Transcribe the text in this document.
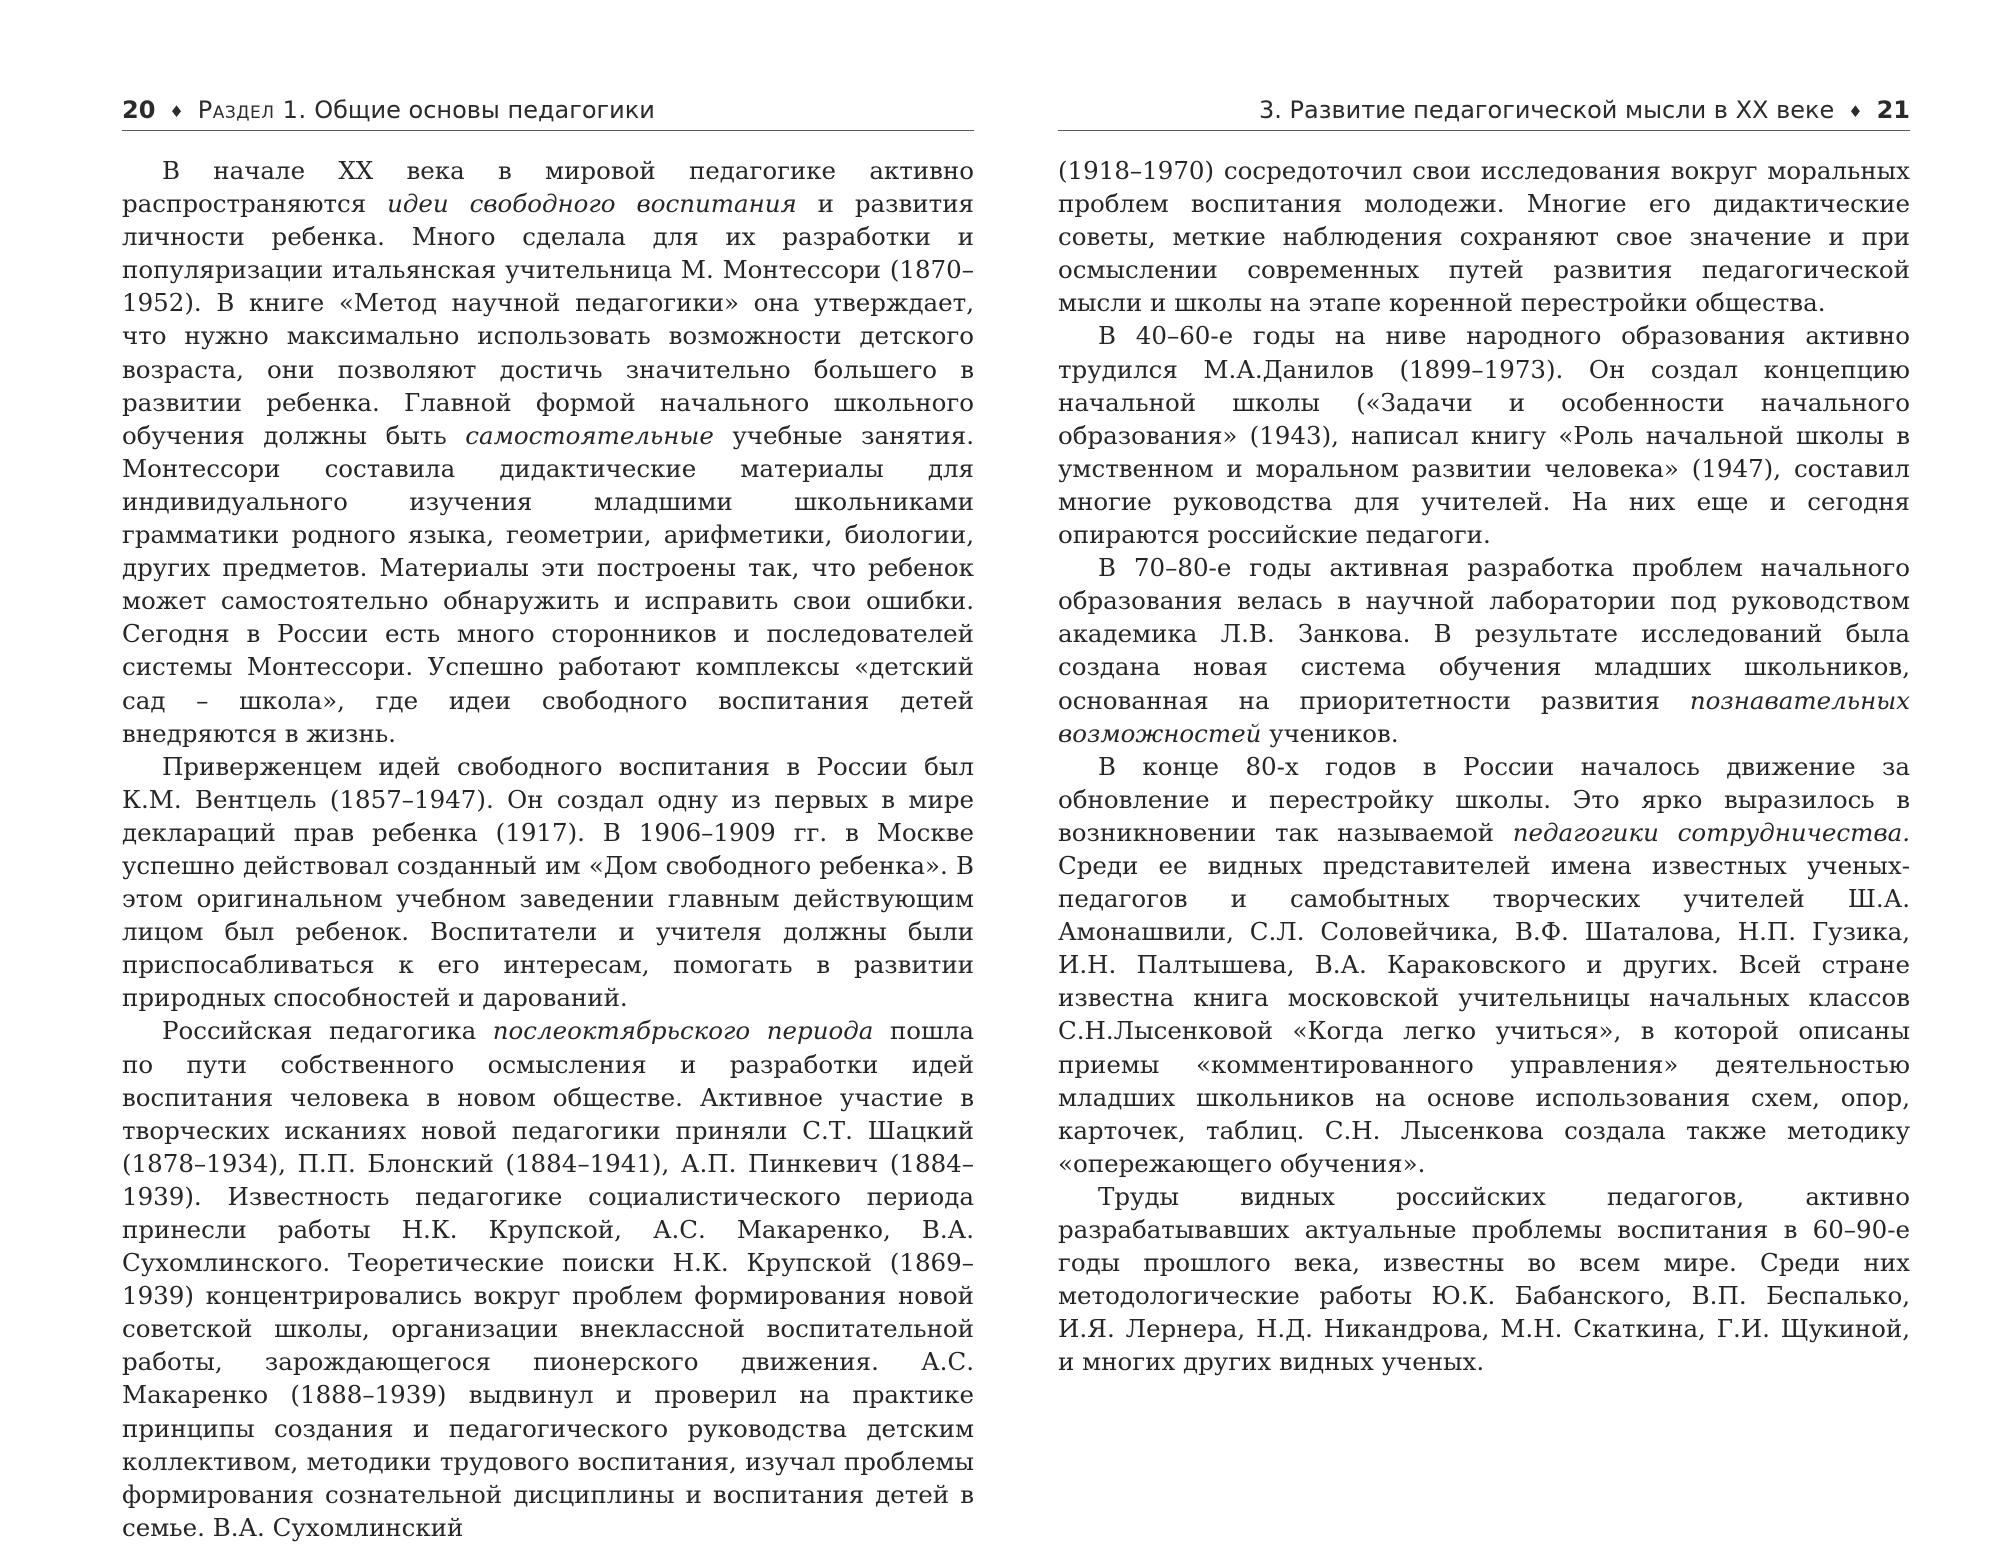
20 ♦ Раздел 1.
Общие основы педагогики

В начале XX века в мировой педагогике активно распространяются идеи свободного воспитания и развития личности ребенка. Много сделала для их разработки и популяризации итальянская учительница М. Монтессори (1870–1952). В книге «Метод научной педагогики» она утверждает, что нужно максимально использовать возможности детского возраста, они позволяют достичь значительно большего в развитии ребенка. Главной формой начального школьного обучения должны быть самостоятельные учебные занятия. Монтессори составила дидактические материалы для индивидуального изучения младшими школьниками грамматики родного языка, геометрии, арифметики, биологии, других предметов. Материалы эти построены так, что ребенок может самостоятельно обнаружить и исправить свои ошибки. Сегодня в России есть много сторонников и последователей системы Монтессори. Успешно работают комплексы «детский сад – школа», где идеи свободного воспитания детей внедряются в жизнь.

Приверженцем идей свободного воспитания в России был К.М. Вентцель (1857–1947). Он создал одну из первых в мире деклараций прав ребенка (1917). В 1906–1909 гг. в Москве успешно действовал созданный им «Дом свободного ребенка». В этом оригинальном учебном заведении главным действующим лицом был ребенок. Воспитатели и учителя должны были приспосабливаться к его интересам, помогать в развитии природных способностей и дарований.

Российская педагогика послеоктябрьского периода пошла по пути собственного осмысления и разработки идей воспитания человека в новом обществе. Активное участие в творческих исканиях новой педагогики приняли С.Т. Шацкий (1878–1934), П.П. Блонский (1884–1941), А.П. Пинкевич (1884–1939). Известность педагогике социалистического периода принесли работы Н.К. Крупской, А.С. Макаренко, В.А. Сухомлинского. Теоретические поиски Н.К. Крупской (1869–1939) концентрировались вокруг проблем формирования новой советской школы, организации внеклассной воспитательной работы, зарождающегося пионерского движения. А.С. Макаренко (1888–1939) выдвинул и проверил на практике принципы создания и педагогического руководства детским коллективом, методики трудового воспитания, изучал проблемы формирования сознательной дисциплины и воспитания детей в семье. В.А. Сухомлинский

3. Развитие педагогической мысли в XX веке ♦ 21

(1918–1970) сосредоточил свои исследования вокруг моральных проблем воспитания молодежи. Многие его дидактические советы, меткие наблюдения сохраняют свое значение и при осмыслении современных путей развития педагогической мысли и школы на этапе коренной перестройки общества.

В 40–60-е годы на ниве народного образования активно трудился М.А.Данилов (1899–1973). Он создал концепцию начальной школы («Задачи и особенности начального образования» (1943), написал книгу «Роль начальной школы в умственном и моральном развитии человека» (1947), составил многие руководства для учителей. На них еще и сегодня опираются российские педагоги.

В 70–80-е годы активная разработка проблем начального образования велась в научной лаборатории под руководством академика Л.В. Занкова. В результате исследований была создана новая система обучения младших школьников, основанная на приоритетности развития познавательных возможностей учеников.

В конце 80-х годов в России началось движение за обновление и перестройку школы. Это ярко выразилось в возникновении так называемой педагогики сотрудничества. Среди ее видных представителей имена известных ученых-педагогов и самобытных творческих учителей Ш.А. Амонашвили, С.Л. Соловейчика, В.Ф. Шаталова, Н.П. Гузика, И.Н. Палтышева, В.А. Караковского и других. Всей стране известна книга московской учительницы начальных классов С.Н.Лысенковой «Когда легко учиться», в которой описаны приемы «комментированного управления» деятельностью младших школьников на основе использования схем, опор, карточек, таблиц. С.Н. Лысенкова создала также методику «опережающего обучения».

Труды видных российских педагогов, активно разрабатывавших актуальные проблемы воспитания в 60–90-е годы прошлого века, известны во всем мире. Среди них методологические работы Ю.К. Бабанского, В.П. Беспалько, И.Я. Лернера, Н.Д. Никандрова, М.Н. Скаткина, Г.И. Щукиной, и многих других видных ученых.
